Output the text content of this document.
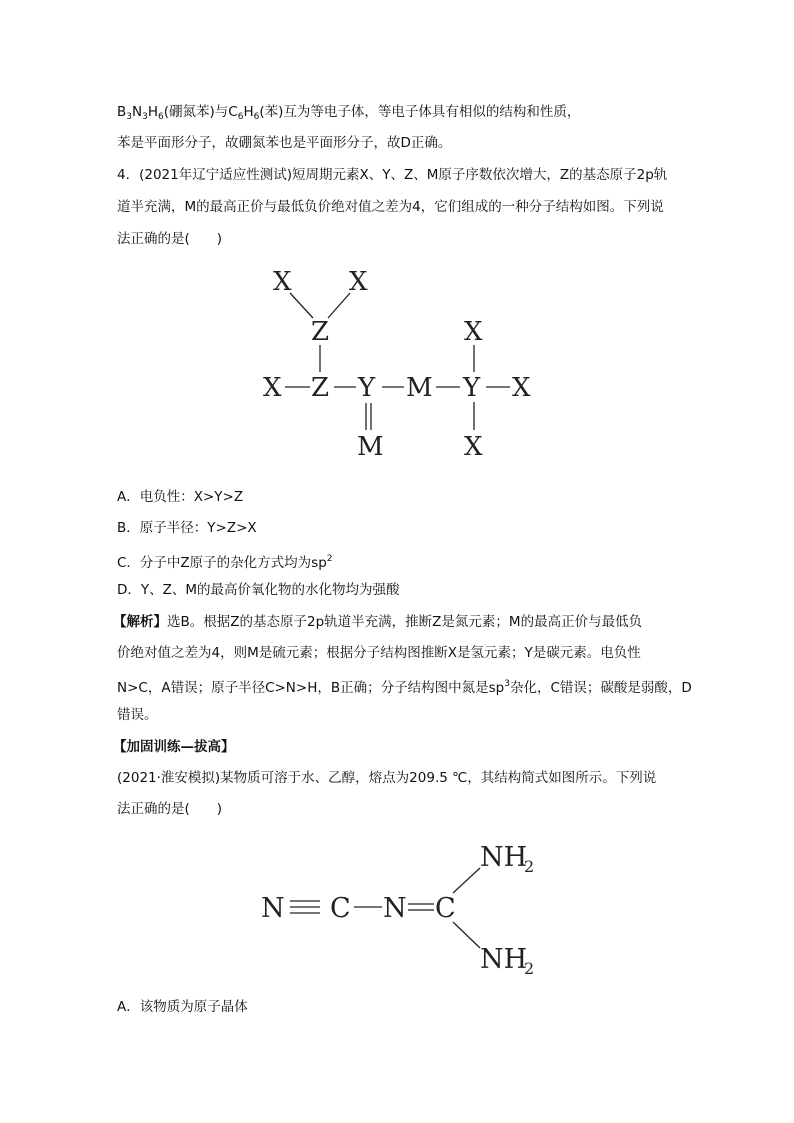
$B_3N_3H_6$(硼氮苯)与$C_6H_6$(苯)互为等电子体，等电子体具有相似的结构和性质，
苯是平面形分子，故硼氮苯也是平面形分子，故D正确。
4．(2021年辽宁适应性测试)短周期元素X、Y、Z、M原子序数依次增大，Z的基态原子2p轨
道半充满，M的最高正价与最低负价绝对值之差为4，它们组成的一种分子结构如图。下列说
法正确的是(　　)
X X
Z
X Z Y M Y X
X
X
M
N C N C
NH
2
NH
2
A．电负性：X>Y>Z
B．原子半径：Y>Z>X
C．分子中Z原子的杂化方式均为$sp^2$
D．Y、Z、M的最高价氧化物的水化物均为强酸
【解析】选B。根据Z的基态原子2p轨道半充满，推断Z是氮元素；M的最高正价与最低负
价绝对值之差为4，则M是硫元素；根据分子结构图推断X是氢元素；Y是碳元素。电负性
N>C，A错误；原子半径C>N>H，B正确；分子结构图中氮是$sp^3$杂化，C错误；碳酸是弱酸，D
错误。
【加固训练—拔高】
(2021·淮安模拟)某物质可溶于水、乙醇，熔点为209.5 ℃，其结构简式如图所示。下列说
法正确的是(　　)
A．该物质为原子晶体
